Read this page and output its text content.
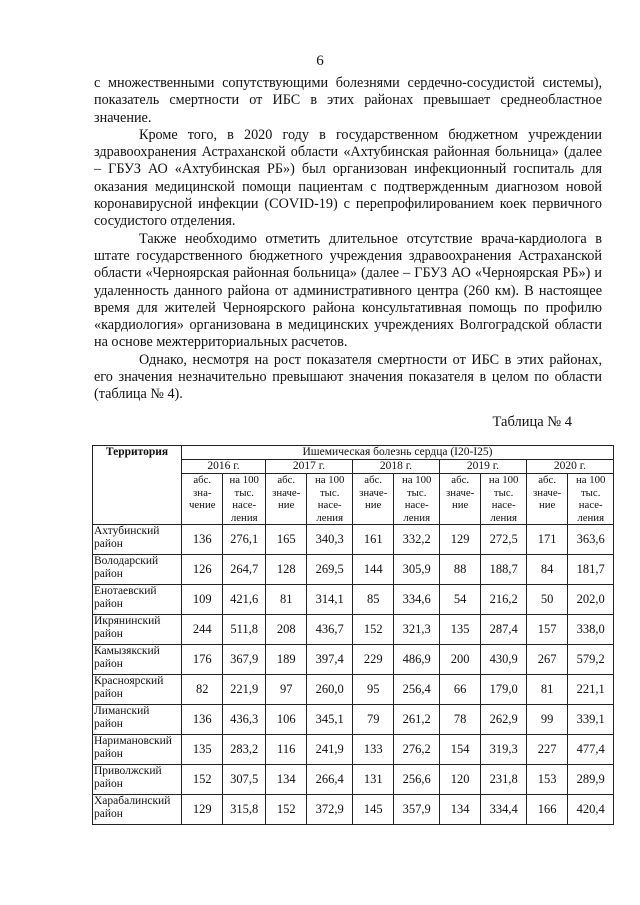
6

с множественными сопутствующими болезнями сердечно-сосудистой системы), показатель смертности от ИБС в этих районах превышает среднеобластное значение.

Кроме того, в 2020 году в государственном бюджетном учреждении здравоохранения Астраханской области «Ахтубинская районная больница» (далее – ГБУЗ АО «Ахтубинская РБ») был организован инфекционный госпиталь для оказания медицинской помощи пациентам с подтвержденным диагнозом новой коронавирусной инфекции (COVID-19) с перепрофилированием коек первичного сосудистого отделения.

Также необходимо отметить длительное отсутствие врача-кардиолога в штате государственного бюджетного учреждения здравоохранения Астраханской области «Черноярская районная больница» (далее – ГБУЗ АО «Черноярская РБ») и удаленность данного района от административного центра (260 км). В настоящее время для жителей Черноярского района консультативная помощь по профилю «кардиология» организована в медицинских учреждениях Волгоградской области на основе межтерриториальных расчетов.

Однако, несмотря на рост показателя смертности от ИБС в этих районах, его значения незначительно превышают значения показателя в целом по области (таблица № 4).

Таблица № 4
Территория	Ишемическая болезнь сердца (I20-I25)									
	2016 г.		2017 г.		2018 г.		2019 г.		2020 г.	
	абс. зна-чение	на 100 тыс. насе-ления	абс. значе-ние	на 100 тыс. насе-ления	абс. значе-ние	на 100 тыс. насе-ления	абс. значе-ние	на 100 тыс. насе-ления	абс. значе-ние	на 100 тыс. насе-ления
Ахтубинский район	136	276,1	165	340,3	161	332,2	129	272,5	171	363,6
Володарский район	126	264,7	128	269,5	144	305,9	88	188,7	84	181,7
Енотаевский район	109	421,6	81	314,1	85	334,6	54	216,2	50	202,0
Икрянинский район	244	511,8	208	436,7	152	321,3	135	287,4	157	338,0
Камызякский район	176	367,9	189	397,4	229	486,9	200	430,9	267	579,2
Красноярский район	82	221,9	97	260,0	95	256,4	66	179,0	81	221,1
Лиманский район	136	436,3	106	345,1	79	261,2	78	262,9	99	339,1
Наримановский район	135	283,2	116	241,9	133	276,2	154	319,3	227	477,4
Приволжский район	152	307,5	134	266,4	131	256,6	120	231,8	153	289,9
Харабалинский район	129	315,8	152	372,9	145	357,9	134	334,4	166	420,4
